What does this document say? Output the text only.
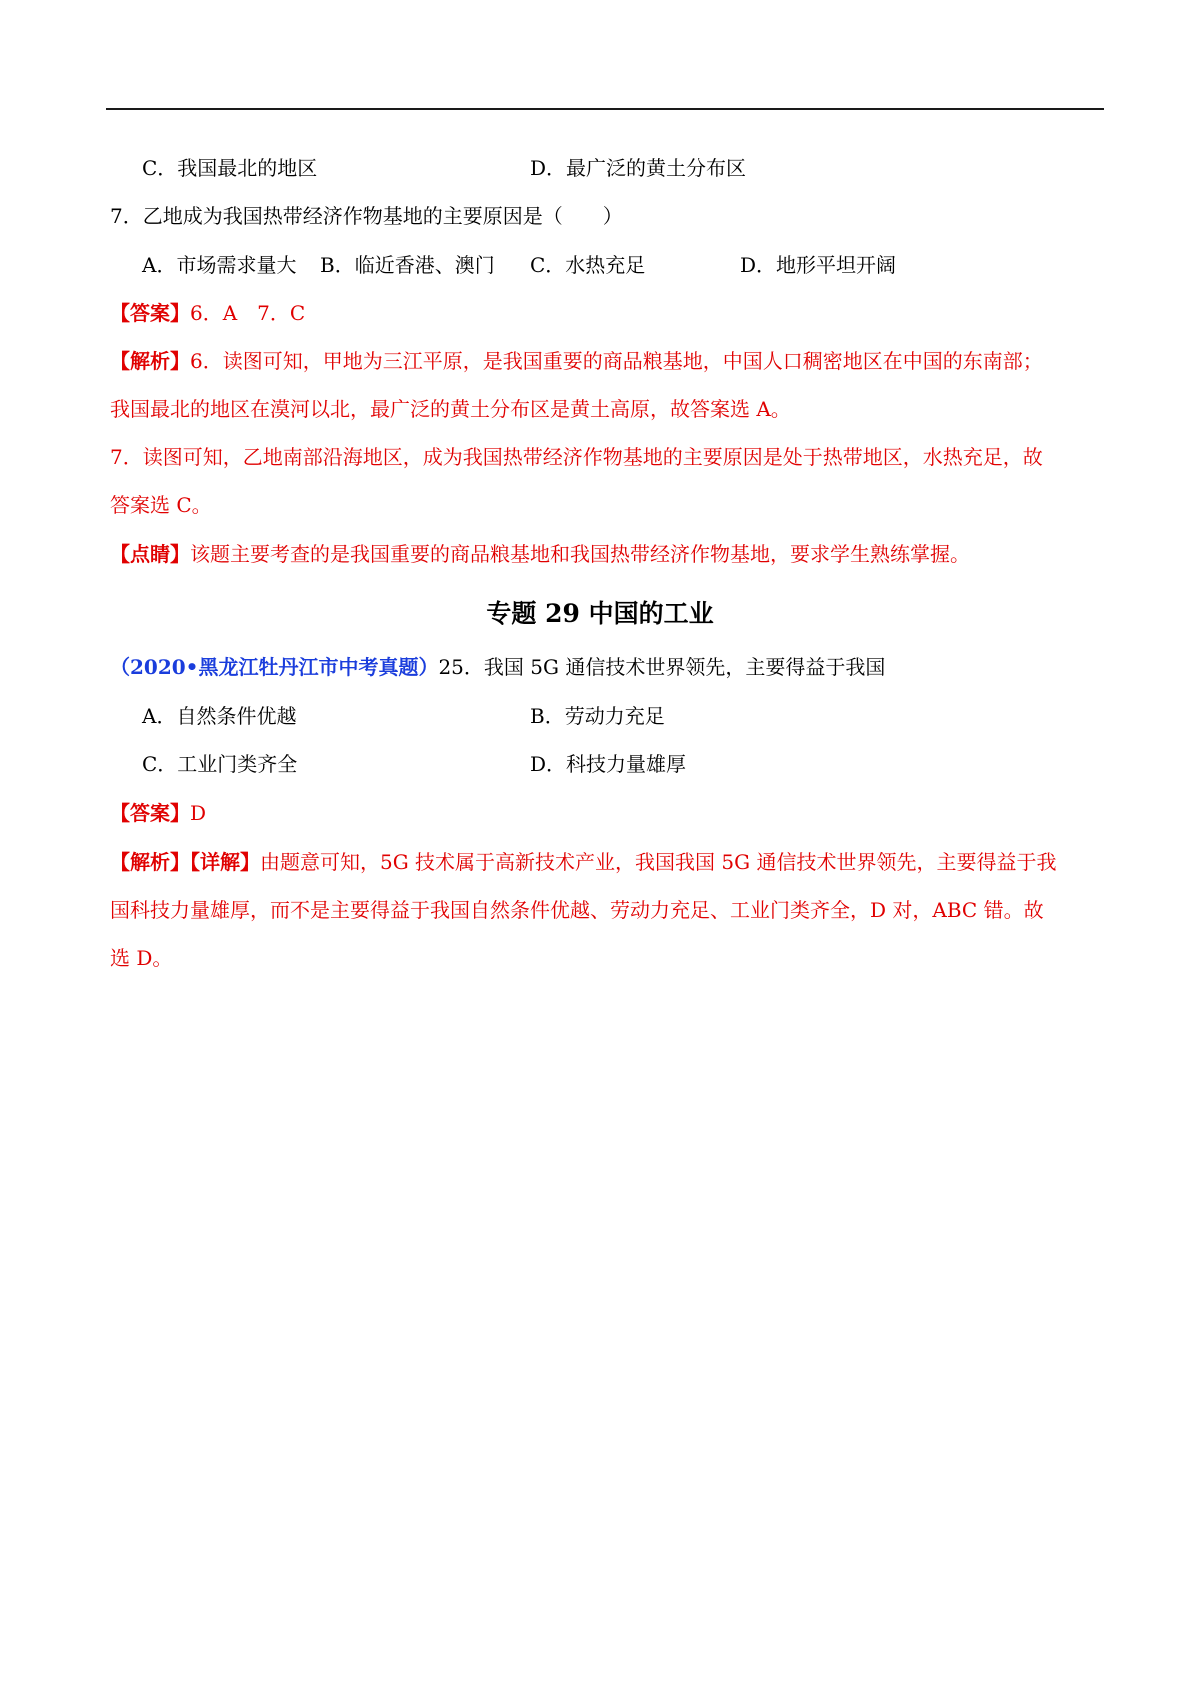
C．我国最北的地区	D．最广泛的黄土分布区
7．乙地成为我国热带经济作物基地的主要原因是（　　）
A．市场需求量大 B．临近香港、澳门 C．水热充足	D．地形平坦开阔
【答案】6．A　7．C
【解析】6．读图可知，甲地为三江平原，是我国重要的商品粮基地，中国人口稠密地区在中国的东南部；
我国最北的地区在漠河以北，最广泛的黄土分布区是黄土高原，故答案选 A。
7．读图可知，乙地南部沿海地区，成为我国热带经济作物基地的主要原因是处于热带地区，水热充足，故
答案选 C。
【点睛】该题主要考查的是我国重要的商品粮基地和我国热带经济作物基地，要求学生熟练掌握。
专题 29 中国的工业
（2020•黑龙江牡丹江市中考真题）25．我国 5G 通信技术世界领先，主要得益于我国
A．自然条件优越	B．劳动力充足
C．工业门类齐全	D．科技力量雄厚
【答案】D
【解析】【详解】由题意可知，5G 技术属于高新技术产业，我国我国 5G 通信技术世界领先，主要得益于我
国科技力量雄厚，而不是主要得益于我国自然条件优越、劳动力充足、工业门类齐全，D 对，ABC 错。故
选 D。
